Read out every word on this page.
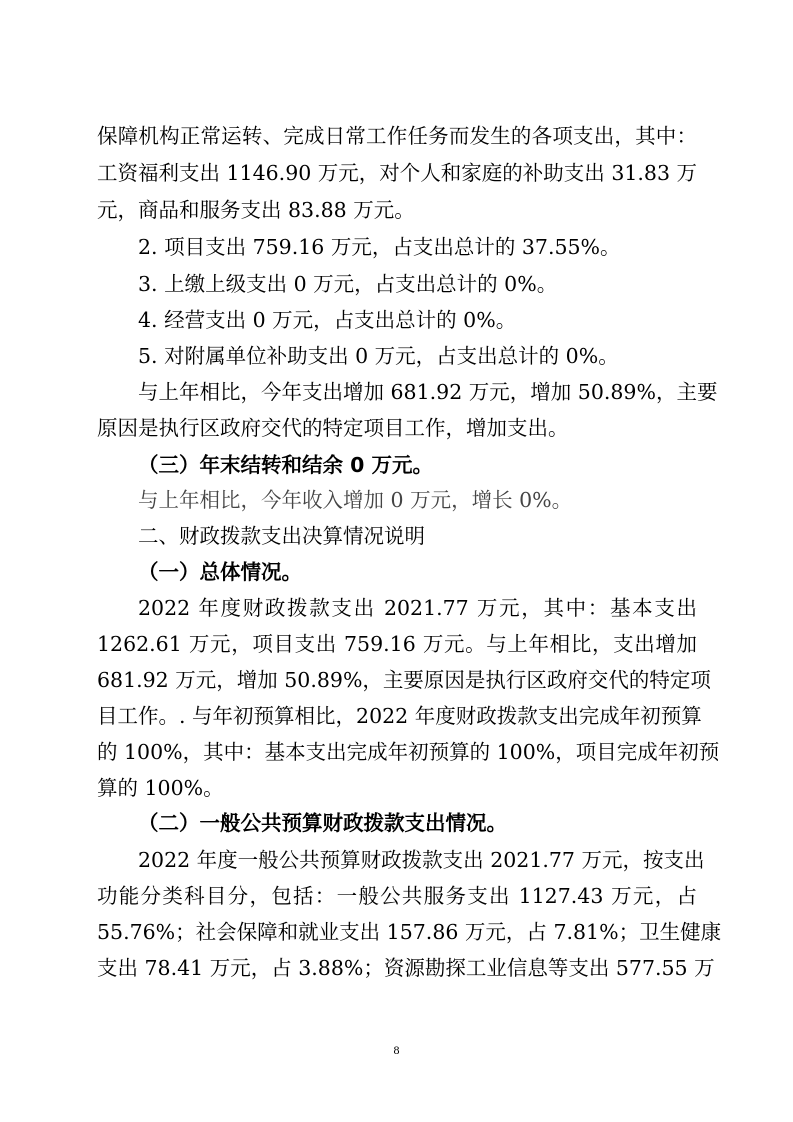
保障机构正常运转、完成日常工作任务而发生的各项支出，其中：
工资福利支出 1146.90 万元，对个人和家庭的补助支出 31.83 万
元，商品和服务支出 83.88 万元。
2. 项目支出 759.16 万元，占支出总计的 37.55%。
3. 上缴上级支出 0 万元，占支出总计的 0%。
4. 经营支出 0 万元，占支出总计的 0%。
5. 对附属单位补助支出 0 万元，占支出总计的 0%。
与上年相比，今年支出增加 681.92 万元，增加 50.89%，主要
原因是执行区政府交代的特定项目工作，增加支出。
（三）年末结转和结余 0 万元。
与上年相比，今年收入增加 0 万元，增长 0%。
二、财政拨款支出决算情况说明
（一）总体情况。
2022 年度财政拨款支出 2021.77 万元，其中：基本支出
1262.61 万元，项目支出 759.16 万元。与上年相比，支出增加
681.92 万元，增加 50.89%，主要原因是执行区政府交代的特定项
目工作。. 与年初预算相比，2022 年度财政拨款支出完成年初预算
的 100%，其中：基本支出完成年初预算的 100%，项目完成年初预
算的 100%。
（二）一般公共预算财政拨款支出情况。
2022 年度一般公共预算财政拨款支出 2021.77 万元，按支出
功能分类科目分，包括：一般公共服务支出 1127.43 万元，占
55.76%；社会保障和就业支出 157.86 万元，占 7.81%；卫生健康
支出 78.41 万元，占 3.88%；资源勘探工业信息等支出 577.55 万
8
